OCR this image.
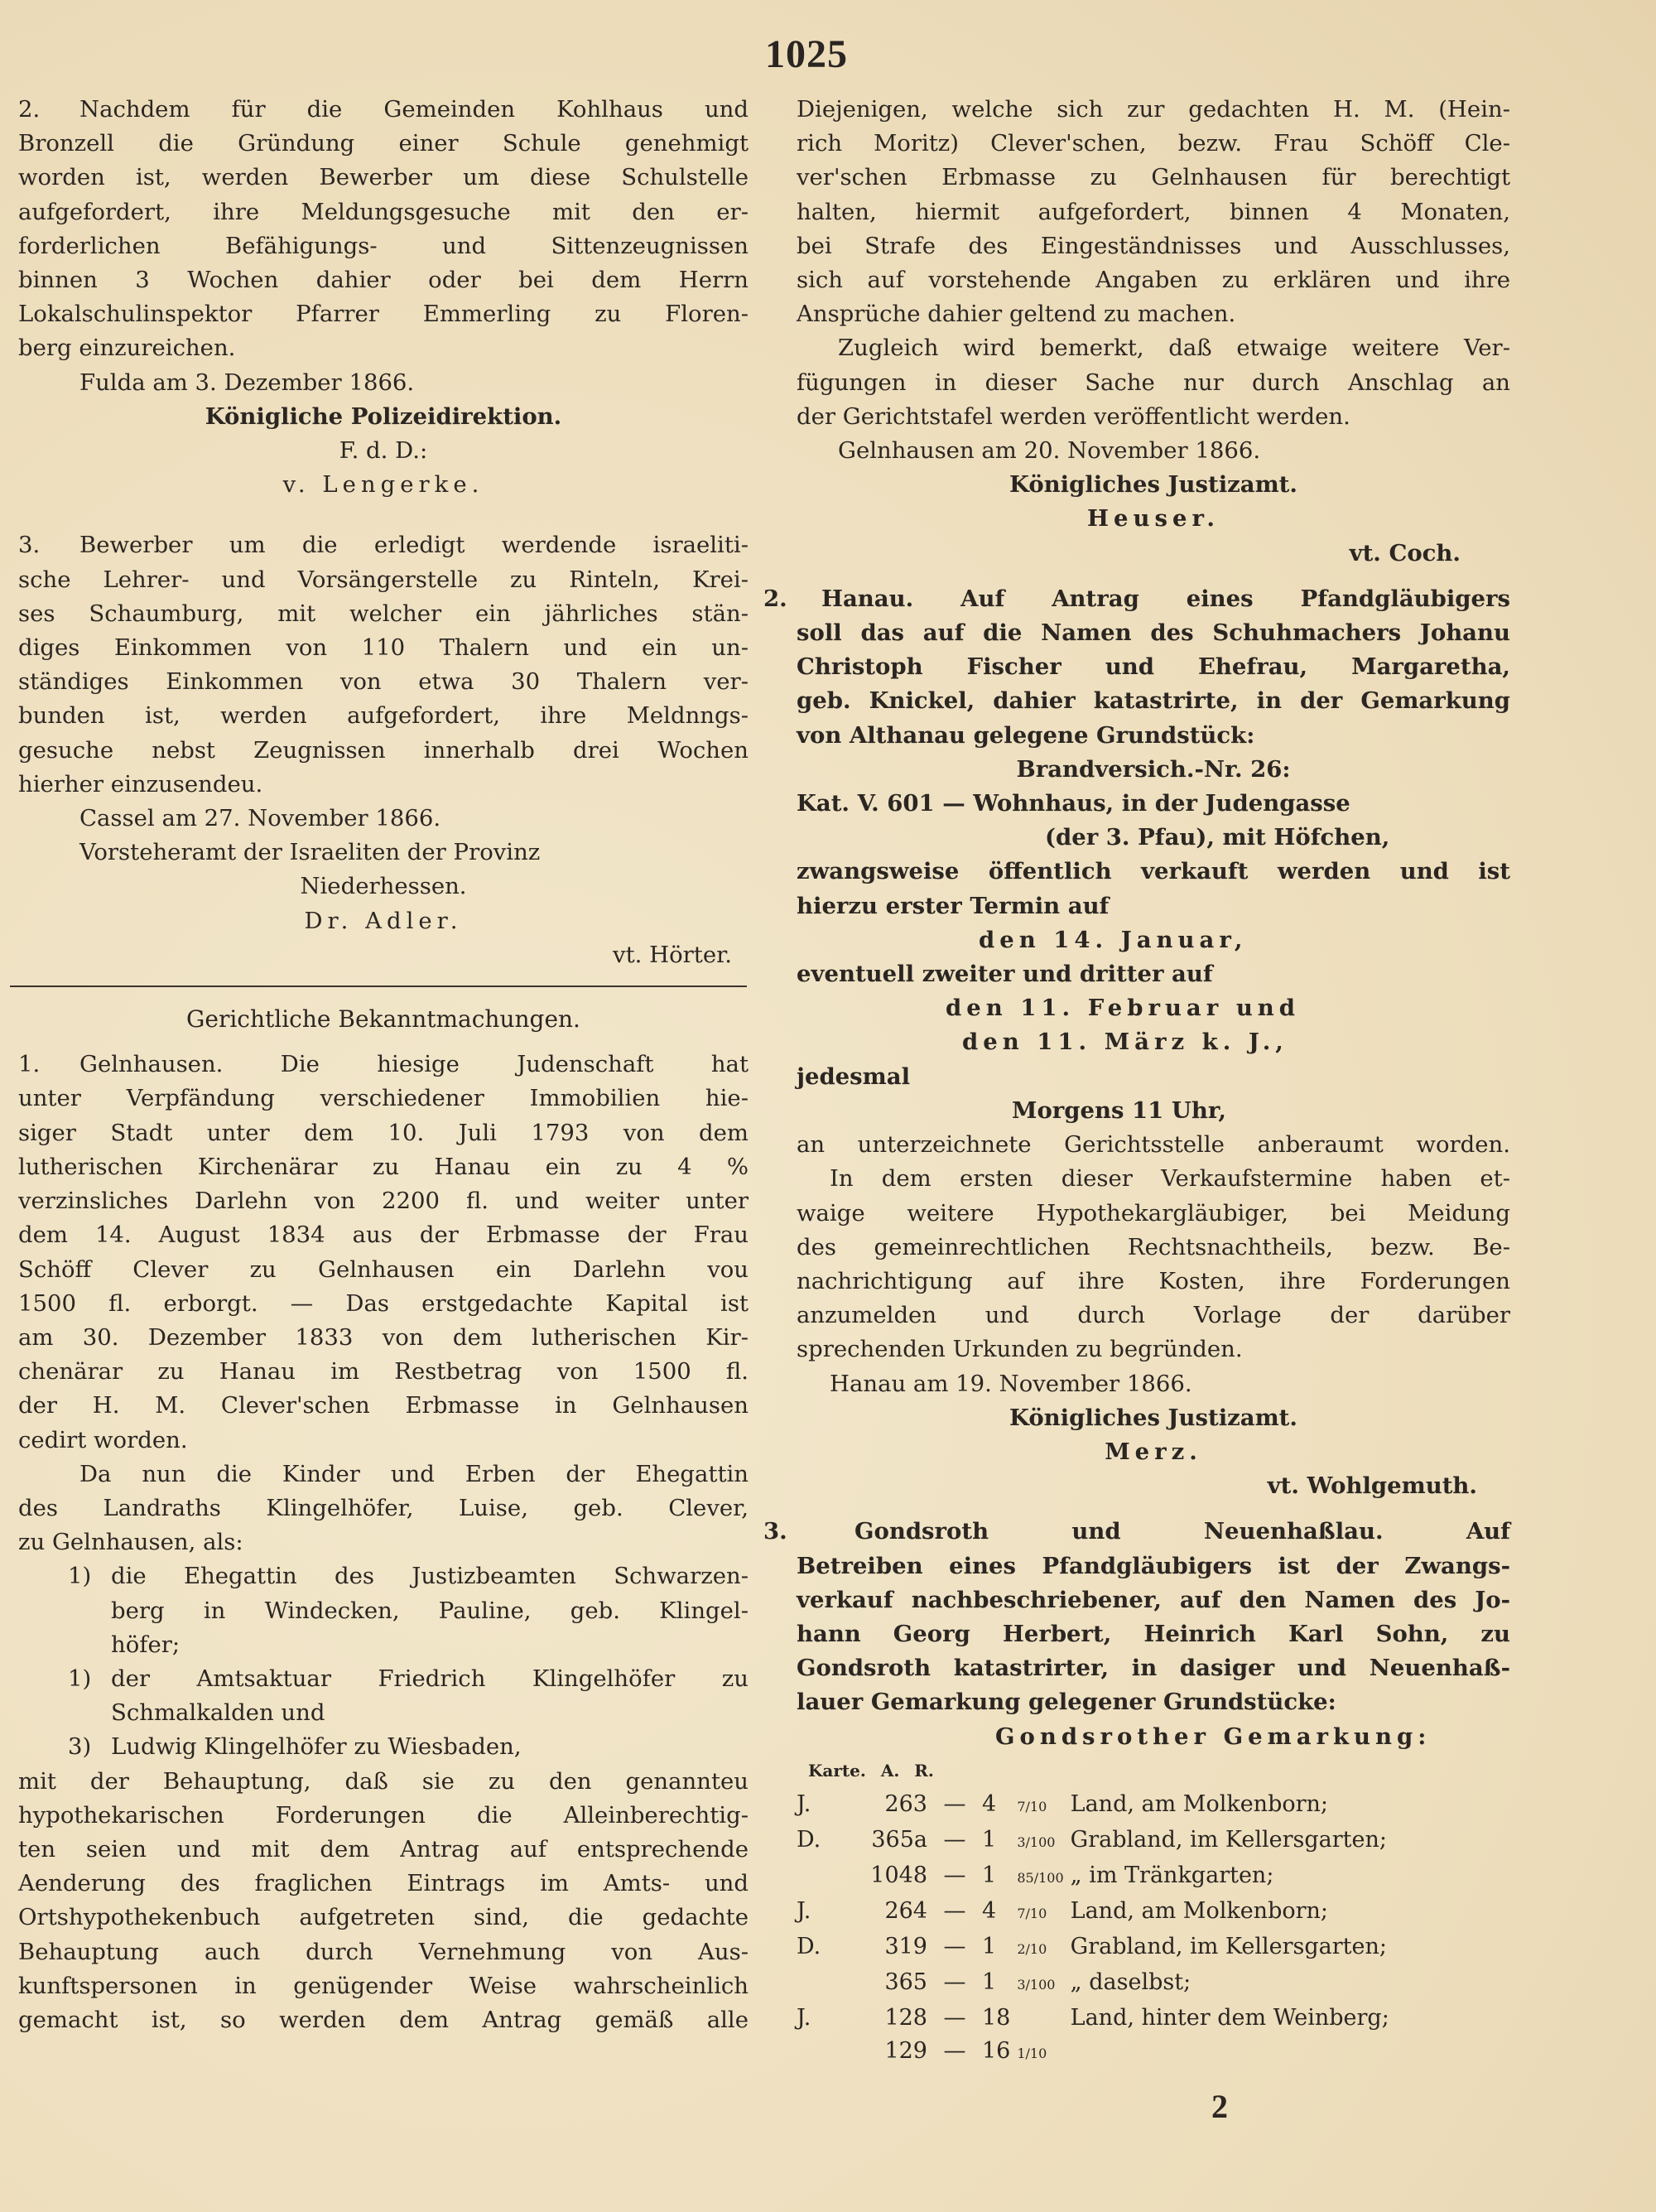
1025
2. Nachdem für die Gemeinden Kohlhaus und
Bronzell die Gründung einer Schule genehmigt
worden ist, werden Bewerber um diese Schulstelle
aufgefordert, ihre Meldungsgesuche mit den er-
forderlichen Befähigungs- und Sittenzeugnissen
binnen 3 Wochen dahier oder bei dem Herrn
Lokalschulinspektor Pfarrer Emmerling zu Floren-
berg einzureichen.
Fulda am 3. Dezember 1866.
Königliche Polizeidirektion.
F. d. D.:
v. Lengerke.
3. Bewerber um die erledigt werdende israeliti-
sche Lehrer- und Vorsängerstelle zu Rinteln, Krei-
ses Schaumburg, mit welcher ein jährliches stän-
diges Einkommen von 110 Thalern und ein un-
ständiges Einkommen von etwa 30 Thalern ver-
bunden ist, werden aufgefordert, ihre Meldnngs-
gesuche nebst Zeugnissen innerhalb drei Wochen
hierher einzusendeu.
Cassel am 27. November 1866.
Vorsteheramt der Israeliten der Provinz
Niederhessen.
Dr. Adler.
vt. Hörter.
Gerichtliche Bekanntmachungen.
1. Gelnhausen. Die hiesige Judenschaft hat
unter Verpfändung verschiedener Immobilien hie-
siger Stadt unter dem 10. Juli 1793 von dem
lutherischen Kirchenärar zu Hanau ein zu 4 %
verzinsliches Darlehn von 2200 fl. und weiter unter
dem 14. August 1834 aus der Erbmasse der Frau
Schöff Clever zu Gelnhausen ein Darlehn vou
1500 fl. erborgt. — Das erstgedachte Kapital ist
am 30. Dezember 1833 von dem lutherischen Kir-
chenärar zu Hanau im Restbetrag von 1500 fl.
der H. M. Clever'schen Erbmasse in Gelnhausen
cedirt worden.
Da nun die Kinder und Erben der Ehegattin
des Landraths Klingelhöfer, Luise, geb. Clever,
zu Gelnhausen, als:
1) die Ehegattin des Justizbeamten Schwarzen-
berg in Windecken, Pauline, geb. Klingel-
höfer;
1) der Amtsaktuar Friedrich Klingelhöfer zu
Schmalkalden und
3) Ludwig Klingelhöfer zu Wiesbaden,
mit der Behauptung, daß sie zu den genannteu
hypothekarischen Forderungen die Alleinberechtig-
ten seien und mit dem Antrag auf entsprechende
Aenderung des fraglichen Eintrags im Amts- und
Ortshypothekenbuch aufgetreten sind, die gedachte
Behauptung auch durch Vernehmung von Aus-
kunftspersonen in genügender Weise wahrscheinlich
gemacht ist, so werden dem Antrag gemäß alle
Diejenigen, welche sich zur gedachten H. M. (Hein-
rich Moritz) Clever'schen, bezw. Frau Schöff Cle-
ver'schen Erbmasse zu Gelnhausen für berechtigt
halten, hiermit aufgefordert, binnen 4 Monaten,
bei Strafe des Eingeständnisses und Ausschlusses,
sich auf vorstehende Angaben zu erklären und ihre
Ansprüche dahier geltend zu machen.
Zugleich wird bemerkt, daß etwaige weitere Ver-
fügungen in dieser Sache nur durch Anschlag an
der Gerichtstafel werden veröffentlicht werden.
Gelnhausen am 20. November 1866.
Königliches Justizamt.
Heuser.
vt. Coch.
2. Hanau. Auf Antrag eines Pfandgläubigers
soll das auf die Namen des Schuhmachers Johanu
Christoph Fischer und Ehefrau, Margaretha,
geb. Knickel, dahier katastrirte, in der Gemarkung
von Althanau gelegene Grundstück:
Brandversich.-Nr. 26:
Kat. V. 601 — Wohnhaus, in der Judengasse
(der 3. Pfau), mit Höfchen,
zwangsweise öffentlich verkauft werden und ist
hierzu erster Termin auf
den 14. Januar,
eventuell zweiter und dritter auf
den 11. Februar und
den 11. März k. J.,
jedesmal
Morgens 11 Uhr,
an unterzeichnete Gerichtsstelle anberaumt worden.
In dem ersten dieser Verkaufstermine haben et-
waige weitere Hypothekargläubiger, bei Meidung
des gemeinrechtlichen Rechtsnachtheils, bezw. Be-
nachrichtigung auf ihre Kosten, ihre Forderungen
anzumelden und durch Vorlage der darüber
sprechenden Urkunden zu begründen.
Hanau am 19. November 1866.
Königliches Justizamt.
Merz.
vt. Wohlgemuth.
3.	Gondsroth und Neuenhaßlau. Auf
Betreiben eines Pfandgläubigers ist der Zwangs-
verkauf nachbeschriebener, auf den Namen des Jo-
hann Georg Herbert, Heinrich Karl Sohn, zu
Gondsroth katastrirter, in dasiger und Neuenhaß-
lauer Gemarkung gelegener Grundstücke:
Gondsrother Gemarkung:
Karte.	A.	R.	
J.	263	—	4	7/10	Land, am Molkenborn;
D.	365a	—	1	3/100	Grabland, im Kellersgarten;
	1048	—	1	85/100	„ im Tränkgarten;
J.	264	—	4	7/10	Land, am Molkenborn;
D.	319	—	1	2/10	Grabland, im Kellersgarten;
	365	—	1	3/100	„ daselbst;
J.	128	—	18		Land, hinter dem Weinberg;
	129	—	16	1/10	
2
